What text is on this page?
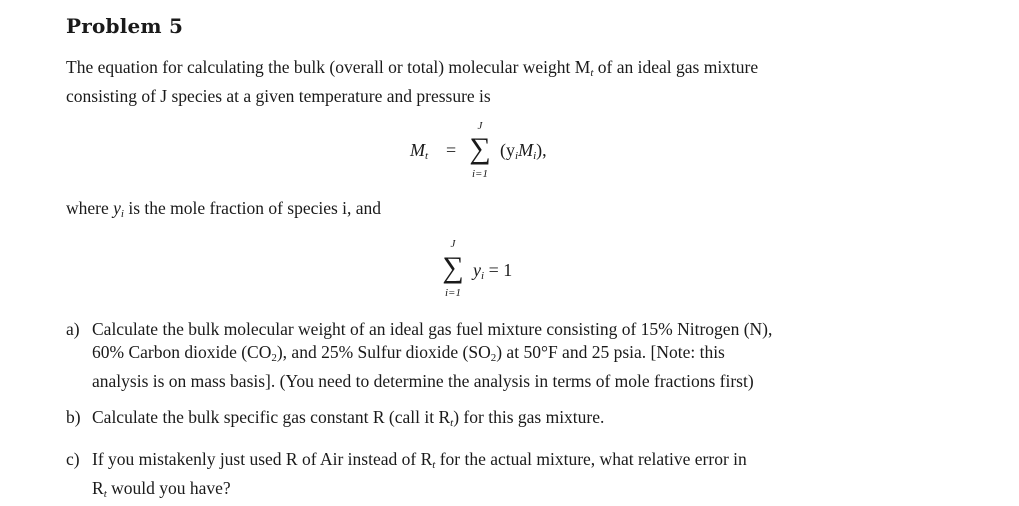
Problem 5
The equation for calculating the bulk (overall or total) molecular weight Mt of an ideal gas mixture
consisting of J species at a given temperature and pressure is
Mt =
J
∑
i=1
(yiMi),
where yi is the mole fraction of species i, and
J
∑
i=1
yi = 1
a) Calculate the bulk molecular weight of an ideal gas fuel mixture consisting of 15% Nitrogen (N),
60% Carbon dioxide (CO2), and 25% Sulfur dioxide (SO2) at 50°F and 25 psia. [Note: this
analysis is on mass basis]. (You need to determine the analysis in terms of mole fractions first)
b) Calculate the bulk specific gas constant R (call it Rt) for this gas mixture.
c) If you mistakenly just used R of Air instead of Rt for the actual mixture, what relative error in
Rt would you have?
